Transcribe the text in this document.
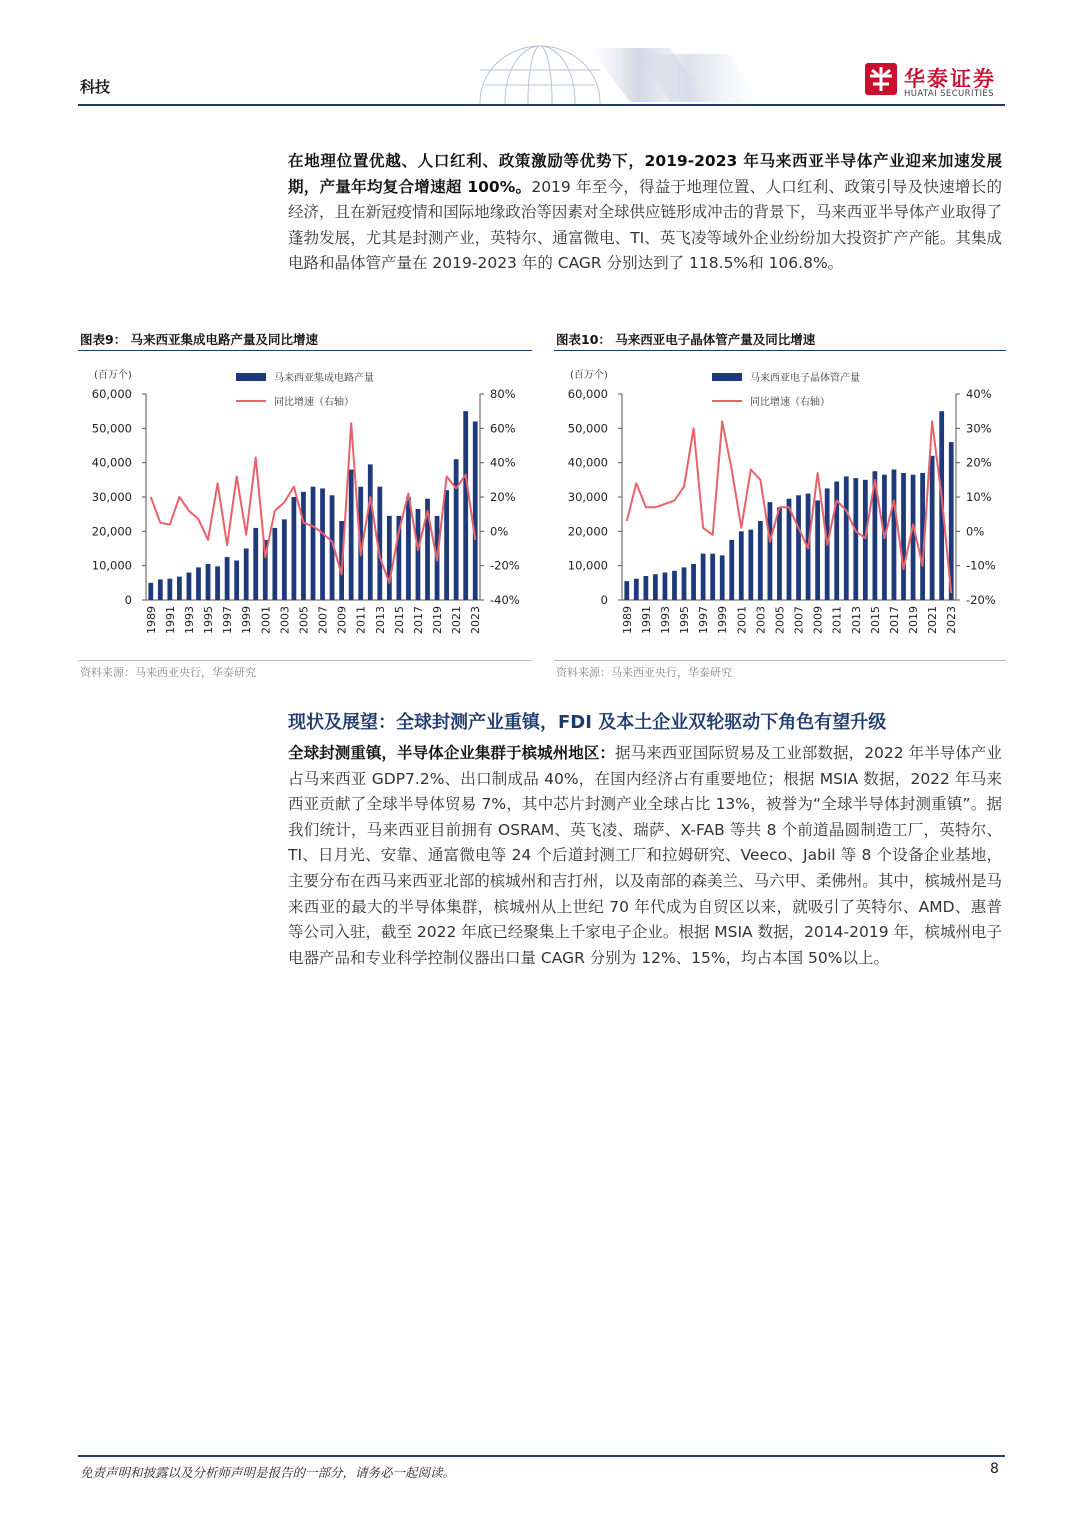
科技	华泰证券
HUATAI SECURITIES
在地理位置优越、人口红利、政策激励等优势下，2019-2023 年马来西亚半导体产业迎来加速发展期，产量年均复合增速超 100%。2019 年至今，得益于地理位置、人口红利、政策引导及快速增长的经济，且在新冠疫情和国际地缘政治等因素对全球供应链形成冲击的背景下，马来西亚半导体产业取得了蓬勃发展，尤其是封测产业，英特尔、通富微电、TI、英飞凌等域外企业纷纷加大投资扩产产能。其集成电路和晶体管产量在 2019-2023 年的 CAGR 分别达到了 118.5%和 106.8%。
图表9： 马来西亚集成电路产量及同比增速
(百万个)	马来西亚集成电路产量
同比增速（右轴）
0
10,000
20,000
30,000
40,000
50,000
60,000
-40%
-20%
0%
20%
40%
60%
80%
1989 1991 1993 1995 1997 1999 2001 2003 2005 2007 2009 2011 2013 2015 2017 2019 2021 2023
资料来源：马来西亚央行，华泰研究
图表10： 马来西亚电子晶体管产量及同比增速
(百万个)	马来西亚电子晶体管产量
同比增速（右轴）
0
10,000
20,000
30,000
40,000
50,000
60,000
-20%
-10%
0%
10%
20%
30%
40%
1989 1991 1993 1995 1997 1999 2001 2003 2005 2007 2009 2011 2013 2015 2017 2019 2021 2023
资料来源：马来西亚央行，华泰研究
现状及展望：全球封测产业重镇，FDI 及本土企业双轮驱动下角色有望升级
全球封测重镇，半导体企业集群于槟城州地区：据马来西亚国际贸易及工业部数据，2022 年半导体产业占马来西亚 GDP7.2%、出口制成品 40%，在国内经济占有重要地位；根据 MSIA 数据，2022 年马来西亚贡献了全球半导体贸易 7%，其中芯片封测产业全球占比 13%，被誉为“全球半导体封测重镇”。据我们统计，马来西亚目前拥有 OSRAM、英飞凌、瑞萨、X-FAB 等共 8 个前道晶圆制造工厂，英特尔、TI、日月光、安靠、通富微电等 24 个后道封测工厂和拉姆研究、Veeco、Jabil 等 8 个设备企业基地，主要分布在西马来西亚北部的槟城州和吉打州，以及南部的森美兰、马六甲、柔佛州。其中，槟城州是马来西亚的最大的半导体集群，槟城州从上世纪 70 年代成为自贸区以来，就吸引了英特尔、AMD、惠普等公司入驻，截至 2022 年底已经聚集上千家电子企业。根据 MSIA 数据，2014-2019 年，槟城州电子电器产品和专业科学控制仪器出口量 CAGR 分别为 12%、15%，均占本国 50%以上。
免责声明和披露以及分析师声明是报告的一部分，请务必一起阅读。	8
